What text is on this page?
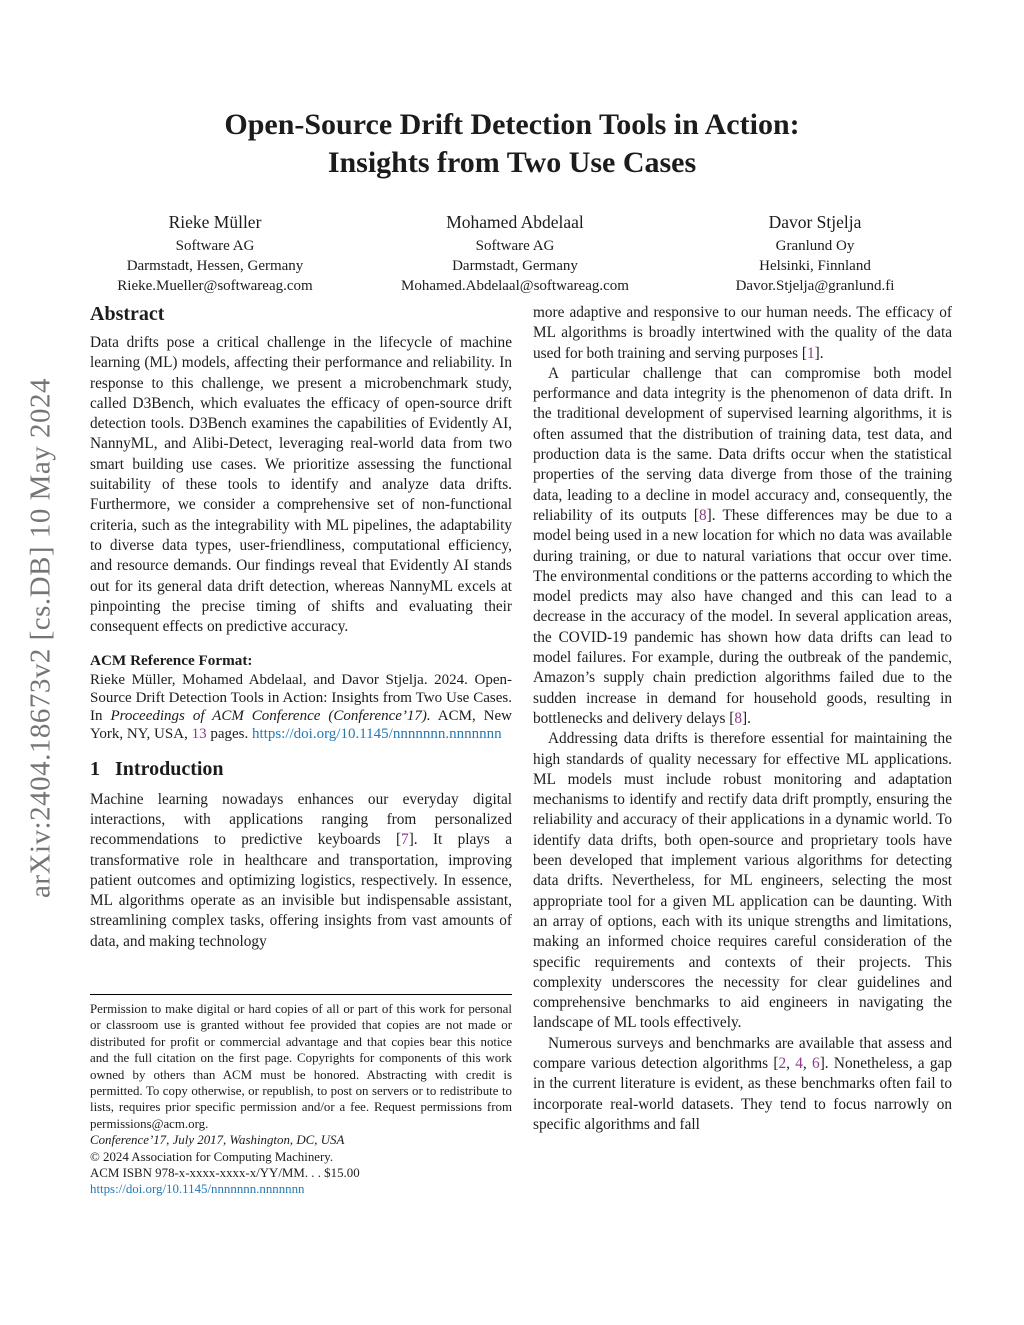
arXiv:2404.18673v2 [cs.DB] 10 May 2024
Open-Source Drift Detection Tools in Action:
Insights from Two Use Cases
Rieke Müller
Software AG
Darmstadt, Hessen, Germany
Rieke.Mueller@softwareag.com
Mohamed Abdelaal
Software AG
Darmstadt, Germany
Mohamed.Abdelaal@softwareag.com
Davor Stjelja
Granlund Oy
Helsinki, Finnland
Davor.Stjelja@granlund.fi
Abstract

Data drifts pose a critical challenge in the lifecycle of machine learning (ML) models, affecting their performance and reliability. In response to this challenge, we present a microbenchmark study, called D3Bench, which evaluates the efficacy of open-source drift detection tools. D3Bench examines the capabilities of Evidently AI, NannyML, and Alibi-Detect, leveraging real-world data from two smart building use cases. We prioritize assessing the functional suitability of these tools to identify and analyze data drifts. Furthermore, we consider a comprehensive set of non-functional criteria, such as the integrability with ML pipelines, the adaptability to diverse data types, user-friendliness, computational efficiency, and resource demands. Our findings reveal that Evidently AI stands out for its general data drift detection, whereas NannyML excels at pinpointing the precise timing of shifts and evaluating their consequent effects on predictive accuracy.

ACM Reference Format:

Rieke Müller, Mohamed Abdelaal, and Davor Stjelja. 2024. Open-Source Drift Detection Tools in Action: Insights from Two Use Cases. In Proceedings of ACM Conference (Conference’17). ACM, New York, NY, USA, 13 pages. https://doi.org/10.1145/nnnnnnn.nnnnnnn

1 Introduction

Machine learning nowadays enhances our everyday digital interactions, with applications ranging from personalized recommendations to predictive keyboards [7]. It plays a transformative role in healthcare and transportation, improving patient outcomes and optimizing logistics, respectively. In essence, ML algorithms operate as an invisible but indispensable assistant, streamlining complex tasks, offering insights from vast amounts of data, and making technology

more adaptive and responsive to our human needs. The efficacy of ML algorithms is broadly intertwined with the quality of the data used for both training and serving purposes [1].

A particular challenge that can compromise both model performance and data integrity is the phenomenon of data drift. In the traditional development of supervised learning algorithms, it is often assumed that the distribution of training data, test data, and production data is the same. Data drifts occur when the statistical properties of the serving data diverge from those of the training data, leading to a decline in model accuracy and, consequently, the reliability of its outputs [8]. These differences may be due to a model being used in a new location for which no data was available during training, or due to natural variations that occur over time. The environmental conditions or the patterns according to which the model predicts may also have changed and this can lead to a decrease in the accuracy of the model. In several application areas, the COVID-19 pandemic has shown how data drifts can lead to model failures. For example, during the outbreak of the pandemic, Amazon’s supply chain prediction algorithms failed due to the sudden increase in demand for household goods, resulting in bottlenecks and delivery delays [8].

Addressing data drifts is therefore essential for maintaining the high standards of quality necessary for effective ML applications. ML models must include robust monitoring and adaptation mechanisms to identify and rectify data drift promptly, ensuring the reliability and accuracy of their applications in a dynamic world. To identify data drifts, both open-source and proprietary tools have been developed that implement various algorithms for detecting data drifts. Nevertheless, for ML engineers, selecting the most appropriate tool for a given ML application can be daunting. With an array of options, each with its unique strengths and limitations, making an informed choice requires careful consideration of the specific requirements and contexts of their projects. This complexity underscores the necessity for clear guidelines and comprehensive benchmarks to aid engineers in navigating the landscape of ML tools effectively.

Numerous surveys and benchmarks are available that assess and compare various detection algorithms [2, 4, 6]. Nonetheless, a gap in the current literature is evident, as these benchmarks often fail to incorporate real-world datasets. They tend to focus narrowly on specific algorithms and fall

Permission to make digital or hard copies of all or part of this work for personal or classroom use is granted without fee provided that copies are not made or distributed for profit or commercial advantage and that copies bear this notice and the full citation on the first page. Copyrights for components of this work owned by others than ACM must be honored. Abstracting with credit is permitted. To copy otherwise, or republish, to post on servers or to redistribute to lists, requires prior specific permission and/or a fee. Request permissions from permissions@acm.org.

Conference’17, July 2017, Washington, DC, USA

© 2024 Association for Computing Machinery.

ACM ISBN 978-x-xxxx-xxxx-x/YY/MM. . . $15.00

https://doi.org/10.1145/nnnnnnn.nnnnnnn
